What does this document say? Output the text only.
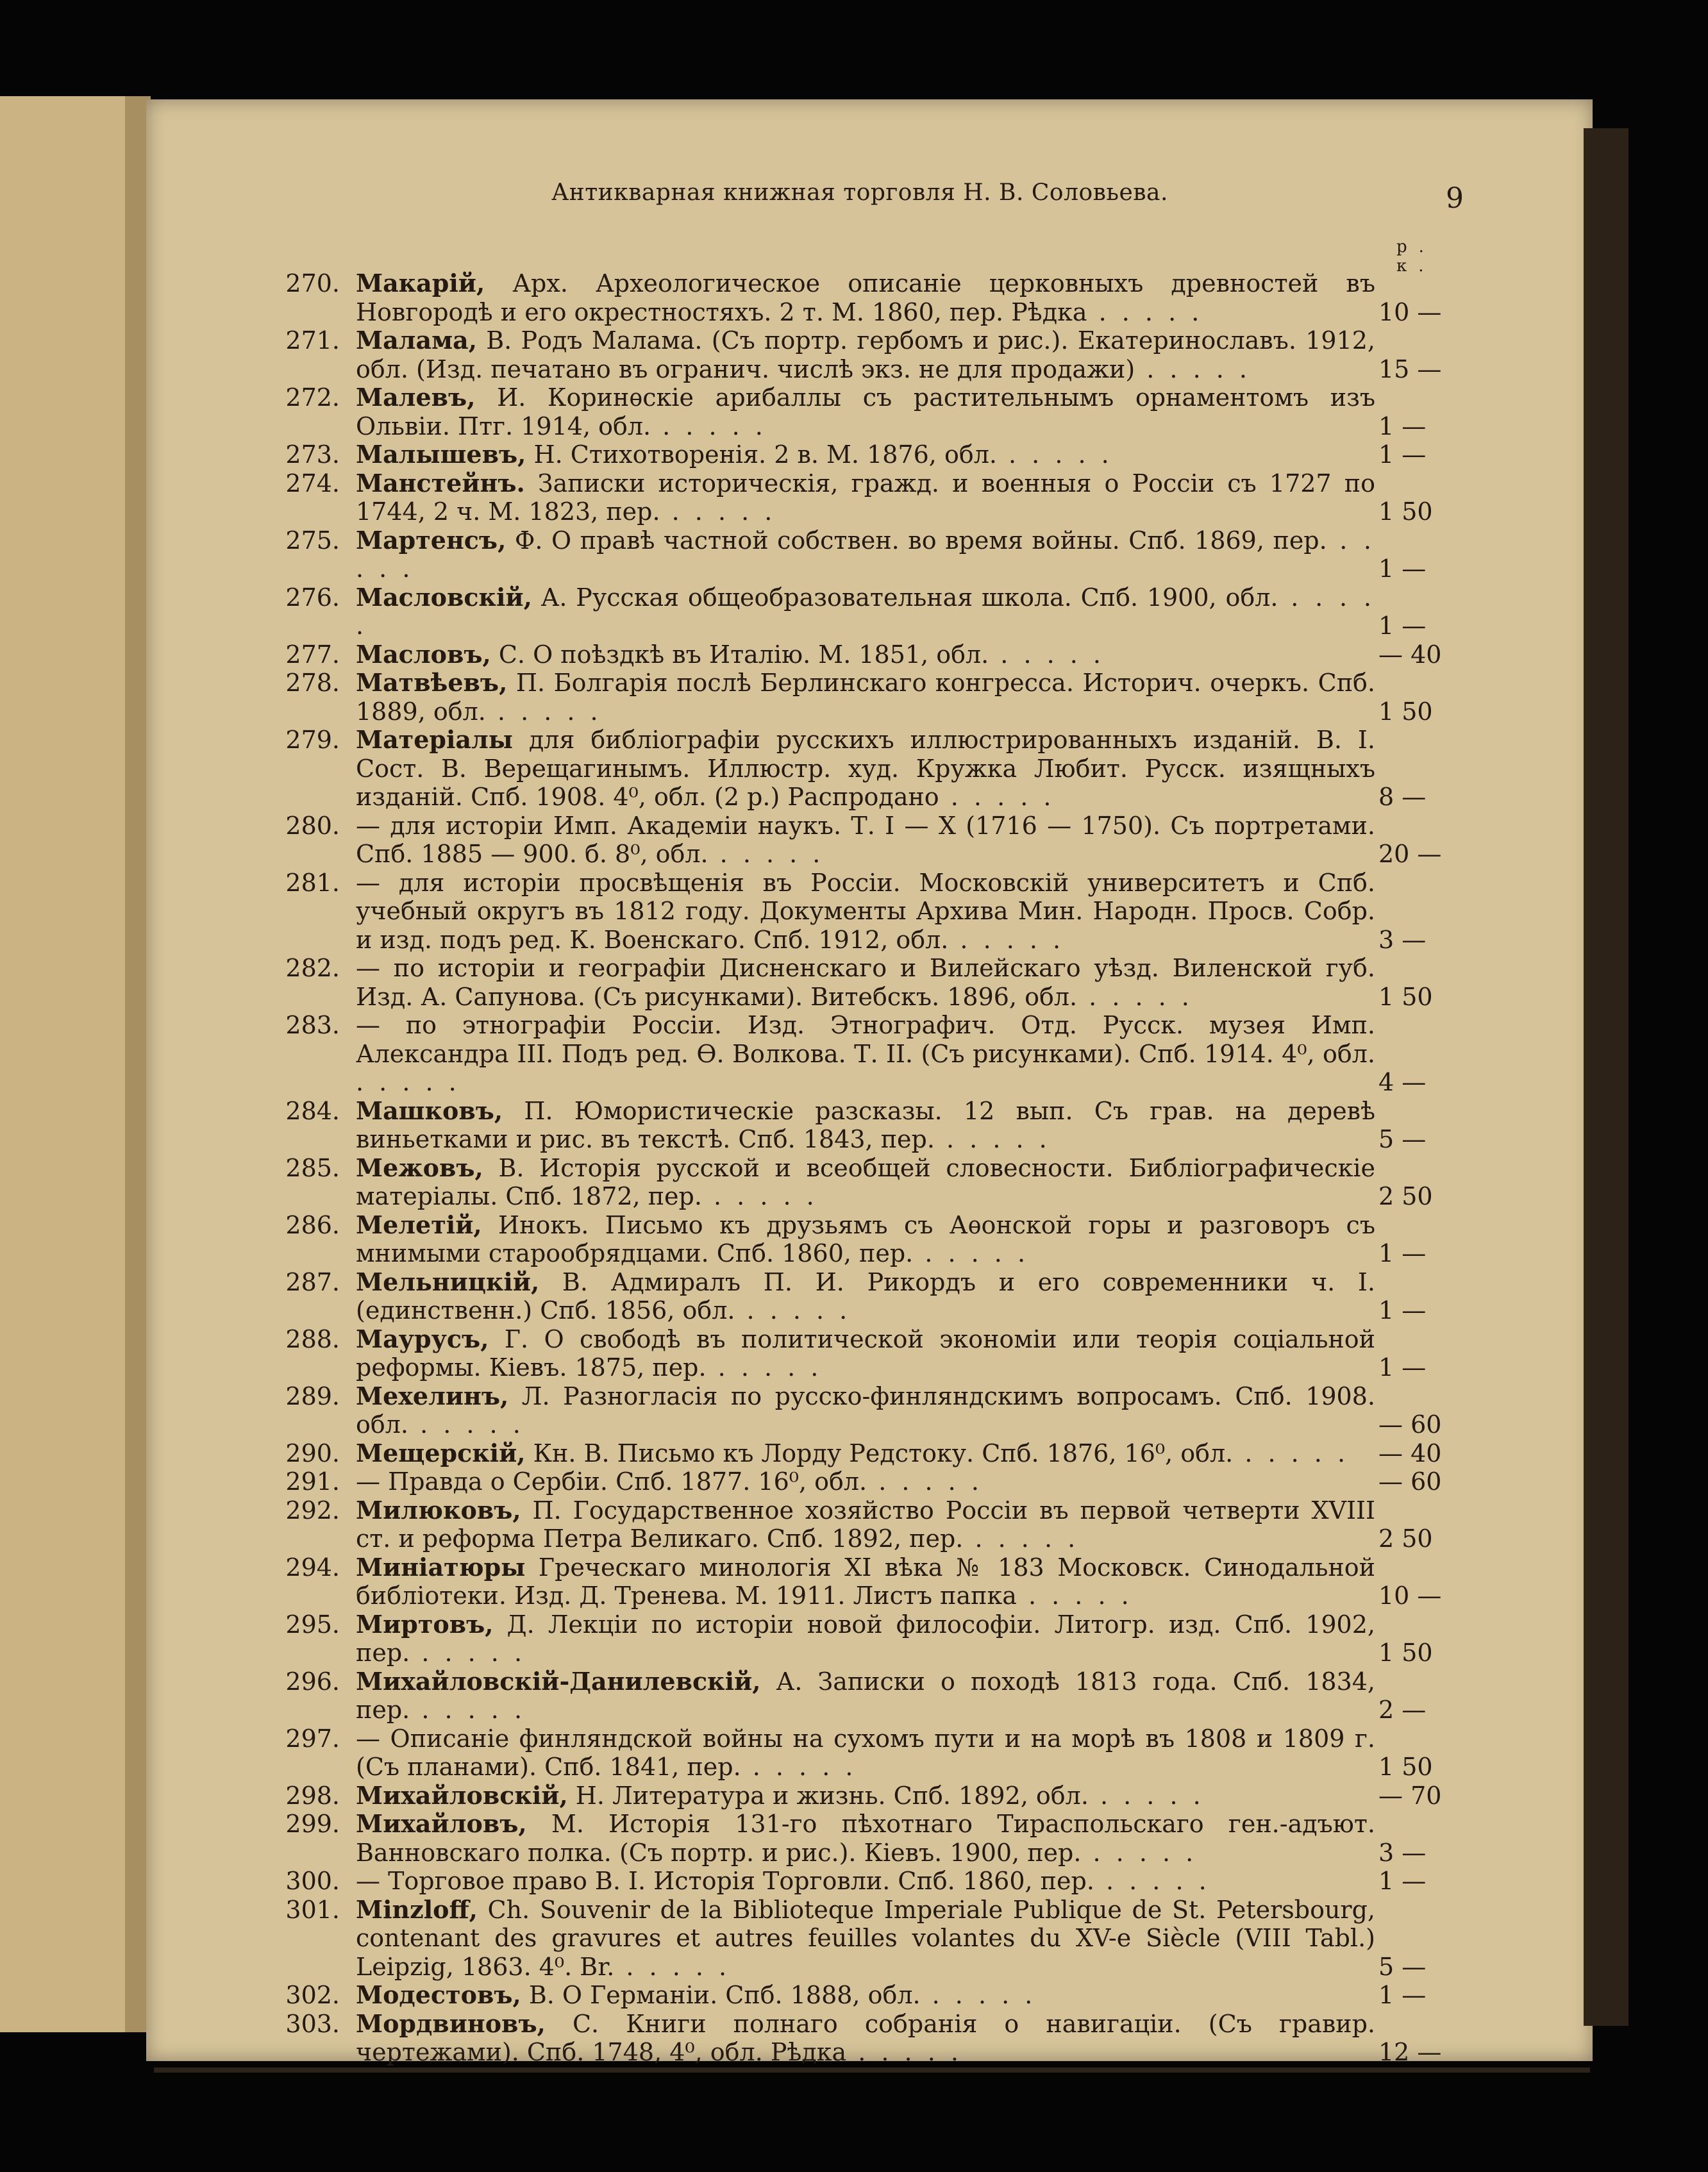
Антикварная книжная торговля Н. В. Соловьева.	9
р. к.
270. Макарій, Арх. Археологическое описаніе церковныхъ древностей въ Новгородѣ и его окрестностяхъ. 2 т. М. 1860, пер. Рѣдка . . . . .	10 —
271. Малама, В. Родъ Малама. (Съ портр. гербомъ и рис.). Екатеринославъ. 1912, обл. (Изд. печатано въ огранич. числѣ экз. не для продажи) . . . . .	15 —
272. Малевъ, И. Коринѳскіе арибаллы съ растительнымъ орнаментомъ изъ Ольвіи. Птг. 1914, обл. . . . . .	1 —
273. Малышевъ, Н. Стихотворенія. 2 в. М. 1876, обл. . . . . .	1 —
274. Манстейнъ. Записки историческія, гражд. и военныя о Россіи съ 1727 по 1744, 2 ч. М. 1823, пер. . . . . .	1 50
275. Мартенсъ, Ф. О правѣ частной собствен. во время войны. Спб. 1869, пер. . . . . .	1 —
276. Масловскій, А. Русская общеобразовательная школа. Спб. 1900, обл. . . . . .	1 —
277. Масловъ, С. О поѣздкѣ въ Италію. М. 1851, обл. . . . . .	— 40
278. Матвѣевъ, П. Болгарія послѣ Берлинскаго конгресса. Историч. очеркъ. Спб. 1889, обл. . . . . .	1 50
279. Матеріалы для библіографіи русскихъ иллюстрированныхъ изданій. В. I. Сост. В. Верещагинымъ. Иллюстр. худ. Кружка Любит. Русск. изящныхъ изданій. Спб. 1908. 4⁰, обл. (2 р.) Распродано . . . . .	8 —
280. — для исторіи Имп. Академіи наукъ. Т. I — X (1716 — 1750). Съ портретами. Спб. 1885 — 900. б. 8⁰, обл. . . . . .	20 —
281. — для исторіи просвѣщенія въ Россіи. Московскій университетъ и Спб. учебный округъ въ 1812 году. Документы Архива Мин. Народн. Просв. Собр. и изд. подъ ред. К. Военскаго. Спб. 1912, обл. . . . . .	3 —
282. — по исторіи и географіи Дисненскаго и Вилейскаго уѣзд. Виленской губ. Изд. А. Сапунова. (Съ рисунками). Витебскъ. 1896, обл. . . . . .	1 50
283. — по этнографіи Россіи. Изд. Этнографич. Отд. Русск. музея Имп. Александра III. Подъ ред. Ѳ. Волкова. Т. II. (Съ рисунками). Спб. 1914. 4⁰, обл. . . . . .	4 —
284. Машковъ, П. Юмористическіе разсказы. 12 вып. Съ грав. на деревѣ виньетками и рис. въ текстѣ. Спб. 1843, пер. . . . . .	5 —
285. Межовъ, В. Исторія русской и всеобщей словесности. Библіографическіе матеріалы. Спб. 1872, пер. . . . . .	2 50
286. Мелетій, Инокъ. Письмо къ друзьямъ съ Аѳонской горы и разговоръ съ мнимыми старообрядцами. Спб. 1860, пер. . . . . .	1 —
287. Мельницкій, В. Адмиралъ П. И. Рикордъ и его современники ч. I. (единственн.) Спб. 1856, обл. . . . . .	1 —
288. Маурусъ, Г. О свободѣ въ политической экономіи или теорія соціальной реформы. Кіевъ. 1875, пер. . . . . .	1 —
289. Мехелинъ, Л. Разногласія по русско-финляндскимъ вопросамъ. Спб. 1908. обл. . . . . .	— 60
290. Мещерскій, Кн. В. Письмо къ Лорду Редстоку. Спб. 1876, 16⁰, обл. . . . . .	— 40
291. — Правда о Сербіи. Спб. 1877. 16⁰, обл. . . . . .	— 60
292. Милюковъ, П. Государственное хозяйство Россіи въ первой четверти XVIII ст. и реформа Петра Великаго. Спб. 1892, пер. . . . . .	2 50
294. Миніатюры Греческаго минологія XI вѣка № 183 Московск. Синодальной библіотеки. Изд. Д. Тренева. М. 1911. Листъ папка . . . . .	10 —
295. Миртовъ, Д. Лекціи по исторіи новой философіи. Литогр. изд. Спб. 1902, пер. . . . . .	1 50
296. Михайловскій-Данилевскій, А. Записки о походѣ 1813 года. Спб. 1834, пер. . . . . .	2 —
297. — Описаніе финляндской войны на сухомъ пути и на морѣ въ 1808 и 1809 г. (Съ планами). Спб. 1841, пер. . . . . .	1 50
298. Михайловскій, Н. Литература и жизнь. Спб. 1892, обл. . . . . .	— 70
299. Михайловъ, М. Исторія 131-го пѣхотнаго Тираспольскаго ген.-адъют. Ванновскаго полка. (Съ портр. и рис.). Кіевъ. 1900, пер. . . . . .	3 —
300. — Торговое право В. I. Исторія Торговли. Спб. 1860, пер. . . . . .	1 —
301. Minzloff, Ch. Souvenir de la Biblioteque Imperiale Publique de St. Petersbourg, contenant des gravures et autres feuilles volantes du XV-e Siècle (VIII Tabl.) Leipzig, 1863. 4⁰. Br. . . . . .	5 —
302. Модестовъ, В. О Германіи. Спб. 1888, обл. . . . . .	1 —
303. Мордвиновъ, С. Книги полнаго собранія о навигаціи. (Съ гравир. чертежами). Спб. 1748, 4⁰, обл. Рѣдка . . . . .	12 —
